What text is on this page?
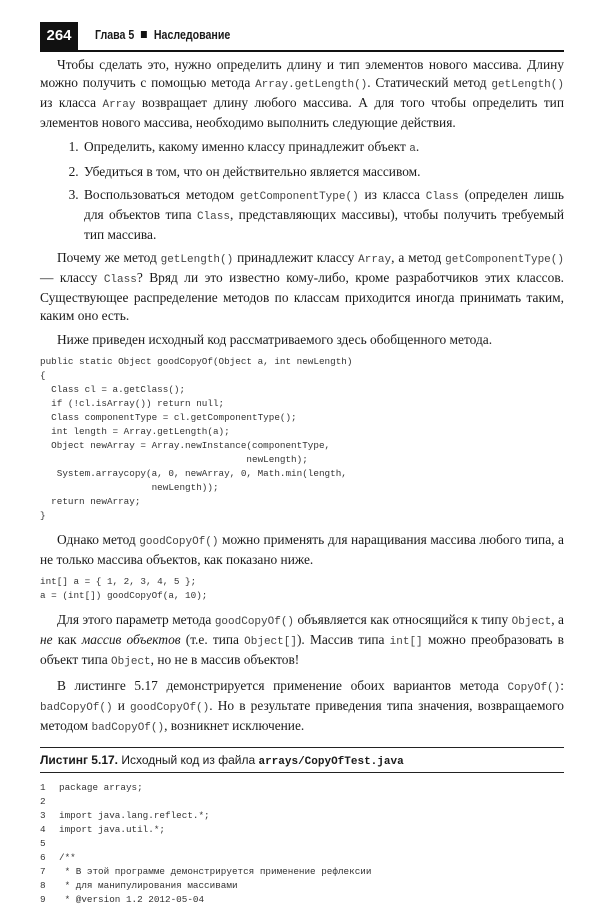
264	Глава 5 Наследование

Чтобы сделать это, нужно определить длину и тип элементов нового массива. Длину можно получить с помощью метода Array.getLength(). Статический метод getLength() из класса Array возвращает длину любого массива. А для того чтобы определить тип элементов нового массива, необходимо выполнить следующие действия.

1. Определить, какому именно классу принадлежит объект a.
2. Убедиться в том, что он действительно является массивом.
3. Воспользоваться методом getComponentType() из класса Class (определен лишь для объектов типа Class, представляющих массивы), чтобы получить требуемый тип массива.

Почему же метод getLength() принадлежит классу Array, а метод getComponentType() — классу Class? Вряд ли это известно кому-либо, кроме разработчиков этих классов. Существующее распределение методов по классам приходится иногда принимать таким, каким оно есть.

Ниже приведен исходный код рассматриваемого здесь обобщенного метода.

public static Object goodCopyOf(Object a, int newLength)
{
Class cl = a.getClass();
if (!cl.isArray()) return null;
Class componentType = cl.getComponentType();
int length = Array.getLength(a);
Object newArray = Array.newInstance(componentType,
newLength);
System.arraycopy(a, 0, newArray, 0, Math.min(length,
newLength));
return newArray;
}

Однако метод goodCopyOf() можно применять для наращивания массива любого типа, а не только массива объектов, как показано ниже.

int[] a = { 1, 2, 3, 4, 5 };
a = (int[]) goodCopyOf(a, 10);

Для этого параметр метода goodCopyOf() объявляется как относящийся к типу Object, а не как массив объектов (т.е. типа Object[]). Массив типа int[] можно преобразовать в объект типа Object, но не в массив объектов!

В листинге 5.17 демонстрируется применение обоих вариантов метода CopyOf(): badCopyOf() и goodCopyOf(). Но в результате приведения типа значения, возвращаемого методом badCopyOf(), возникнет исключение.

Листинг 5.17. Исходный код из файла arrays/CopyOfTest.java
1 package arrays;
2
3 import java.lang.reflect.*;
4 import java.util.*;
5
6 /**
7 * В этой программе демонстрируется применение рефлексии
8 * для манипулирования массивами
9 * @version 1.2 2012-05-04
